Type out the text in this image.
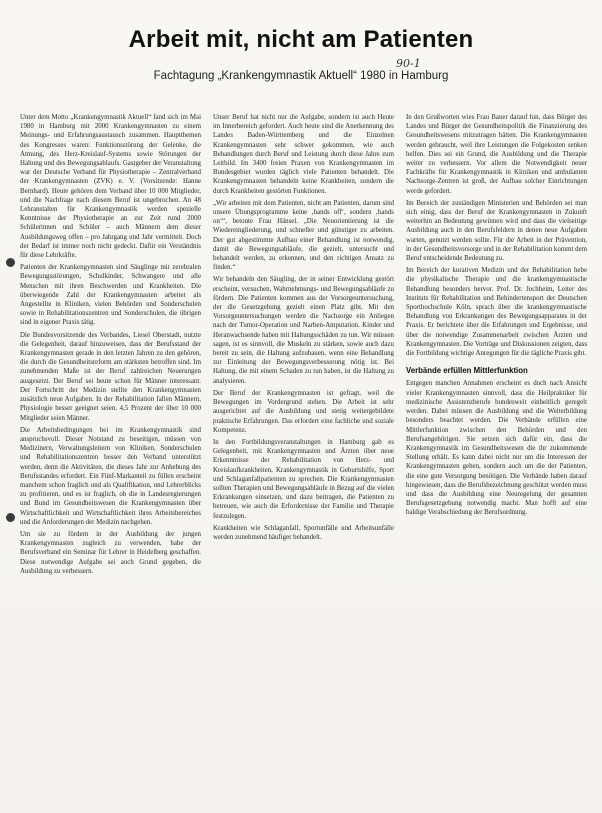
Arbeit mit, nicht am Patienten
90-1
Fachtagung „Krankengymnastik Aktuell“ 1980 in Hamburg

Unter dem Motto „Krankengymnastik Aktuell“ fand sich im Mai 1980 in Hamburg mit 2000 Krankengymnasten zu einem Meinungs- und Erfahrungsaustausch zusammen. Hauptthemen des Kongresses waren: Funktionsstörung der Gelenke, die Atmung, des Herz-Kreislauf-Systems sowie Störungen der Haltung und des Bewegungsablaufs. Gastgeber der Veranstaltung war der Deutsche Verband für Physiotherapie – Zentralverband der Krankengymnasten (ZVK) e. V. (Vorsitzende: Hanne Bernhard). Heute gehören dem Verband über 10 000 Mitglieder, und die Nachfrage nach diesem Beruf ist ungebrochen. An 48 Lehranstalten für Krankengymnastik werden spezielle Kenntnisse der Physiotherapie an zur Zeit rund 2000 Schülerinnen und Schüler – auch Männern dem dieser Ausbildungsweg offen – pro Jahrgang und Jahr vermittelt. Doch der Bedarf ist immer noch nicht gedeckt. Dafür ein Verständnis für diese Lehrkräfte.

Patienten der Krankengymnasten sind Säuglinge mit zerebralen Bewegungsstörungen, Schulkinder, Schwangere und alle Menschen mit ihren Beschwerden und Krankheiten. Die überwiegende Zahl der Krankengymnasten arbeitet als Angestellte in Kliniken, vielen Behörden und Sonderschulen sowie in Rehabilitationszentren und Sonderschulen, die übrigen sind in eigener Praxis tätig.

Die Bundesvorsitzende des Verbandes, Liesel Oberstadt, nutzte die Gelegenheit, darauf hinzuweisen, dass der Berufsstand der Krankengymnasten gerade in den letzten Jahren zu den gehören, die durch die Gesundheitsreform am stärksten betroffen sind. Im zunehmenden Maße ist der Beruf zahlreichen Neuerungen ausgesetzt. Der Beruf sei heute schon für Männer interessant. Der Fortschritt der Medizin stellte den Krankengymnasten zusätzlich neue Aufgaben. In der Rehabilitation fallen Männern, Physiologie besser geeignet seien. 4,5 Prozent der über 10 000 Mitglieder seien Männer.

Die Arbeitsbedingungen bei im Krankengymnastik sind anspruchsvoll. Dieser Notstand zu beseitigen, müssen von Medizinern, Verwaltungsleitern von Kliniken, Sonderschulen und Rehabilitationszentren besser den Verband unterstützt werden, denn die Aktivitäten, die dieses Jahr zur Anhebung des Berufsstandes erfordert. Ein Fünf-Markanteil zu füllen erscheint manchem schon fraglich und als Qualifikation, und Lehrerblicks zu profitieren, und es ist fraglich, ob die in Landesregierungen und Bund im Gesundheitswesen die Krankengymnasten über Wirtschaftlichkeit und Wirtschaftlichkeit ihres Arbeitsbereiches und die Anforderungen der Medizin nachgehen.

Um sie zu fördern in der Ausbildung der jungen Krankengymnasten zugleich zu verwenden, habe der Berufsverband ein Seminar für Lehrer in Heidelberg geschaffen. Diese notwendige Aufgabe sei auch Grund gegeben, die Ausbildung zu verbessern.

Unser Beruf hat nicht nur die Aufgabe, sondern ist auch Heute im Innerbereich gefordert. Auch heute sind die Anerkennung des Landes Baden-Württemberg und die Einzelnen Krankengymnasten sehr schwer gekommen, wie auch Behandlungen durch Beruf und Leistung durch diese Jahre zum Leitbild. Im 3400 freien Praxen von Krankengymnasten im Bundesgebiet wurden täglich viele Patienten behandelt. Die Krankengymnasten behandeln keine Krankheiten, sondern die durch Krankheiten gestörten Funktionen.

„Wir arbeiten mit dem Patienten, nicht am Patienten, darum sind unsere Übungsprogramme keine ‚hands off‘, sondern ‚hands on‘“, betonte Frau Hänsel. „Die Neuorientierung ist die Wiedereingliederung, und schneller und günstiger zu arbeiten. Der gut abgestimmte Aufbau einer Behandlung ist notwendig, damit die Bewegungsabläufe, die gezielt, untersucht und behandelt werden, zu erkennen, und den richtigen Ansatz zu finden.“

Wir behandeln den Säugling, der in seiner Entwicklung gestört erscheint, versuchen, Wahrnehmungs- und Bewegungsabläufe zu fördern. Die Patienten kommen aus der Vorsorgeuntersuchung, der die Gesetzgebung gezielt einen Platz gibt. Mit den Vorsorgeuntersuchungen werden die Nachsorge ein Anliegen nach der Tumor-Operation und Narben-Amputation. Kinder und Heranwachsende haben mit Haltungsschäden zu tun. Wir müssen sagen, ist es sinnvoll, die Muskeln zu stärken, sowie auch dazu bereit zu sein, die Haltung aufzubauen, wenn eine Behandlung zur Einleitung der Bewegungsverbesserung nötig ist. Bei Haltung, die mit einem Schaden zu tun haben, ist die Haltung zu analysieren.

Der Beruf der Krankengymnasten ist gefragt, weil die Bewegungen im Vordergrund stehen. Die Arbeit ist sehr ausgerichtet auf die Ausbildung und stetig weitergebildete praktische Erfahrungen. Das erfordert eine fachliche und soziale Kompetenz.

In den Fortbildungsveranstaltungen in Hamburg gab es Gelegenheit, mit Krankengymnasten und Ärzten über neue Erkenntnisse der Rehabilitation von Herz- und Kreislaufkrankheiten, Krankengymnastik in Geburtshilfe, Sport und Schlaganfallpatienten zu sprechen. Die Krankengymnasten sollten Therapien und Bewegungsabläufe in Bezug auf die vielen Erkrankungen einsetzen, und dazu beitragen, die Patienten zu betreuen, wie auch die Erfordernisse der Familie und Therapie festzulegen.

Krankheiten wie Schlaganfall, Sportunfälle und Arbeitsunfälle werden zunehmend häufiger behandelt.

In den Grußworten wies Frau Bauer darauf hin, dass Bürger des Landes und Bürger der Gesundheitspolitik die Finanzierung des Gesundheitswesens mitzutragen hätten. Die Krankengymnasten werden gebraucht, weil ihre Leistungen die Folgekosten senken helfen. Dies sei ein Grund, die Ausbildung und die Therapie weiter zu verbessern. Vor allem die Notwendigkeit neuer Fachkräfte für Krankengymnastik in Kliniken und ambulanten Nachsorge-Zentren ist groß, der Aufbau solcher Einrichtungen werde gefordert.

Im Bereich der zuständigen Ministerien und Behörden sei man sich einig, dass der Beruf der Krankengymnasten in Zukunft weiterhin an Bedeutung gewinnen wird und dass die vielseitige Ausbildung auch in den Berufsfeldern in denen neue Aufgaben warten, genutzt werden sollte. Für die Arbeit in der Prävention, in der Gesundheitsvorsorge und in der Rehabilitation kommt dem Beruf entscheidende Bedeutung zu.

Im Bereich der kurativen Medizin und der Rehabilitation hebe die physikalische Therapie und die krankengymnastische Behandlung besonders hervor. Prof. Dr. Jochheim, Leiter des Instituts für Rehabilitation und Behindertensport der Deutschen Sporthochschule Köln, sprach über die krankengymnastische Behandlung von Erkrankungen des Bewegungsapparates in der Praxis. Er berichtete über die Erfahrungen und Ergebnisse, und über die notwendige Zusammenarbeit zwischen Ärzten und Krankengymnasten. Die Vorträge und Diskussionen zeigten, dass die Fortbildung wichtige Anregungen für die tägliche Praxis gibt.

Verbände erfüllen Mittlerfunktion

Entgegen manchen Annahmen erscheint es doch nach Ansicht vieler Krankengymnasten sinnvoll, dass die Heilpraktiker für medizinische Assistenzberufe bundesweit einheitlich geregelt werden. Dabei müssen die Ausbildung und die Weiterbildung besonders beachtet werden. Die Verbände erfüllen eine Mittlerfunktion zwischen den Behörden und den Berufsangehörigen. Sie setzen sich dafür ein, dass die Krankengymnastik im Gesundheitswesen die ihr zukommende Stellung erhält. Es kann dabei nicht nur um die Interessen der Krankengymnasten gehen, sondern auch um die der Patienten, die eine gute Versorgung benötigen. Die Verbände haben darauf hingewiesen, dass die Berufsbezeichnung geschützt werden muss und dass die Ausbildung eine Neuregelung der gesamten Berufsgesetzgebung notwendig macht. Man hofft auf eine baldige Verabschiedung der Berufsordnung.
